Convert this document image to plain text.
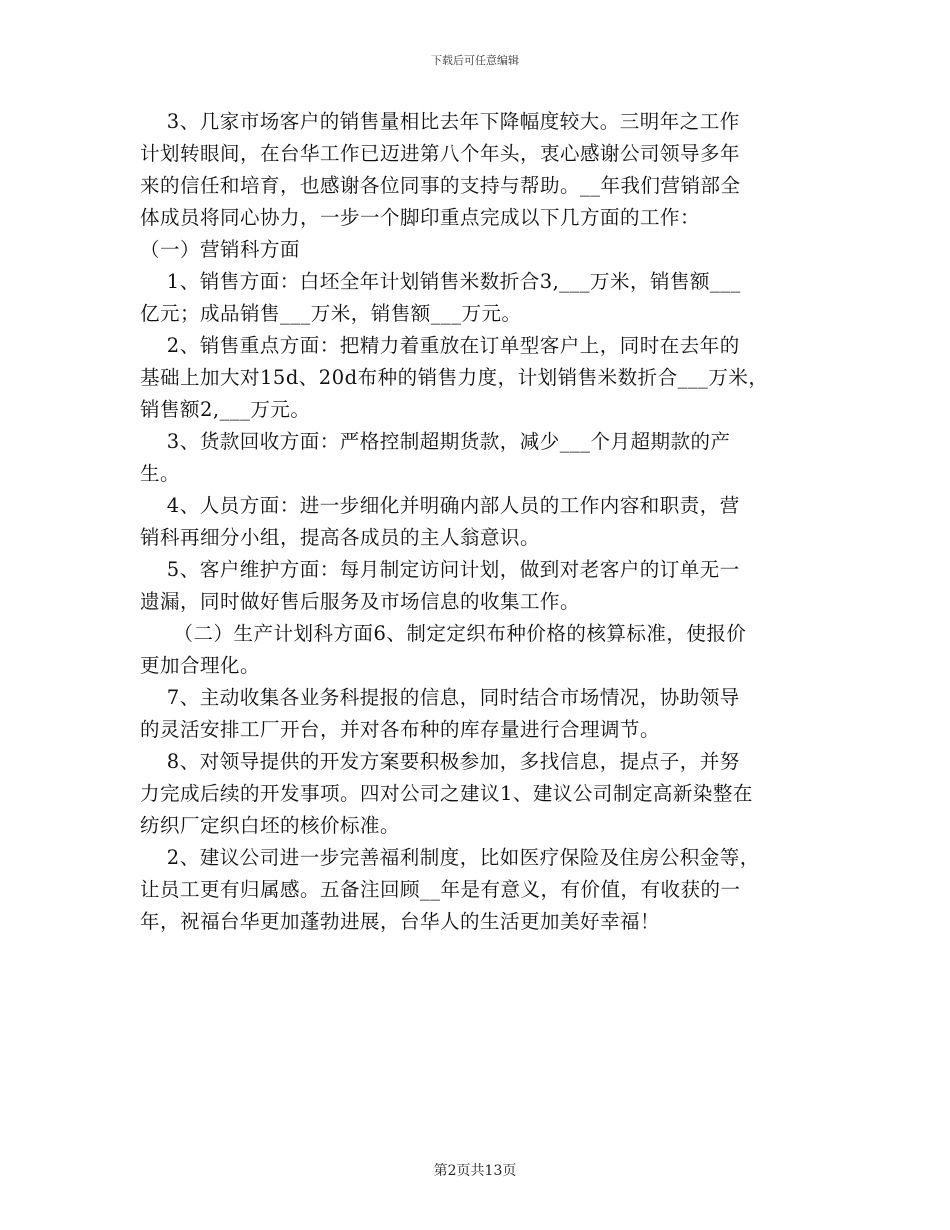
下载后可任意编辑
3、几家市场客户的销售量相比去年下降幅度较大。三明年之工作
计划转眼间，在台华工作已迈进第八个年头，衷心感谢公司领导多年
来的信任和培育，也感谢各位同事的支持与帮助。__年我们营销部全
体成员将同心协力，一步一个脚印重点完成以下几方面的工作：
（一）营销科方面
1、销售方面：白坯全年计划销售米数折合3,___万米，销售额___
亿元；成品销售___万米，销售额___万元。
2、销售重点方面：把精力着重放在订单型客户上，同时在去年的
基础上加大对15d、20d布种的销售力度，计划销售米数折合___万米，
销售额2,___万元。
3、货款回收方面：严格控制超期货款，减少___个月超期款的产
生。
4、人员方面：进一步细化并明确内部人员的工作内容和职责，营
销科再细分小组，提高各成员的主人翁意识。
5、客户维护方面：每月制定访问计划，做到对老客户的订单无一
遗漏，同时做好售后服务及市场信息的收集工作。
（二）生产计划科方面6、制定定织布种价格的核算标准，使报价
更加合理化。
7、主动收集各业务科提报的信息，同时结合市场情况，协助领导
的灵活安排工厂开台，并对各布种的库存量进行合理调节。
8、对领导提供的开发方案要积极参加，多找信息，提点子，并努
力完成后续的开发事项。四对公司之建议1、建议公司制定高新染整在
纺织厂定织白坯的核价标准。
2、建议公司进一步完善福利制度，比如医疗保险及住房公积金等，
让员工更有归属感。五备注回顾__年是有意义，有价值，有收获的一
年，祝福台华更加蓬勃进展，台华人的生活更加美好幸福！
第2页共13页
